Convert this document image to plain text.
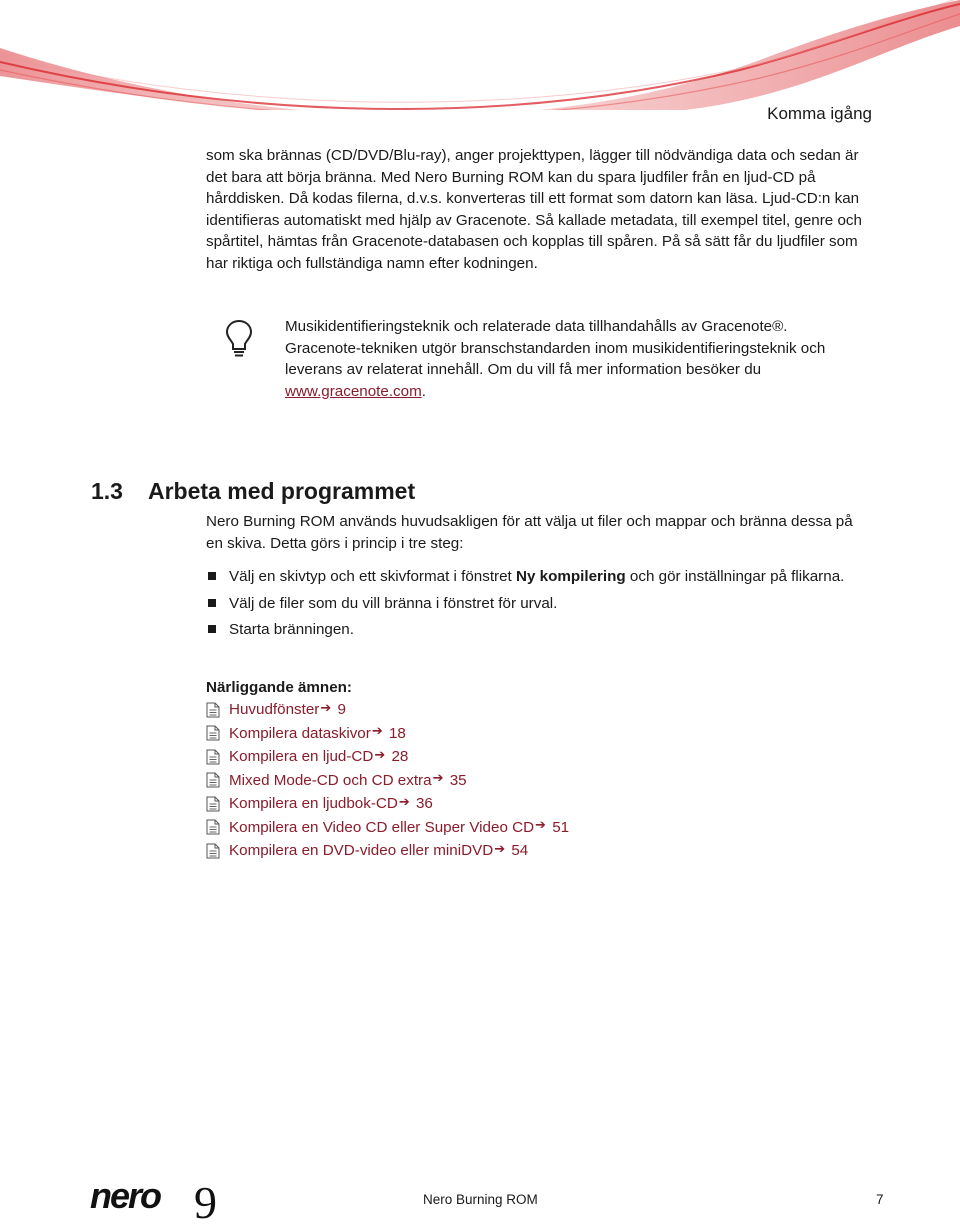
Komma igång

som ska brännas (CD/DVD/Blu-ray), anger projekttypen, lägger till nödvändiga data och sedan är det bara att börja bränna. Med Nero Burning ROM kan du spara ljudfiler från en ljud-CD på hårddisken. Då kodas filerna, d.v.s. konverteras till ett format som datorn kan läsa. Ljud-CD:n kan identifieras automatiskt med hjälp av Gracenote. Så kallade metadata, till exempel titel, genre och spårtitel, hämtas från Gracenote-databasen och kopplas till spåren. På så sätt får du ljudfiler som har riktiga och fullständiga namn efter kodningen.

Musikidentifieringsteknik och relaterade data tillhandahålls av Gracenote®. Gracenote-tekniken utgör branschstandarden inom musikidentifieringsteknik och leverans av relaterat innehåll. Om du vill få mer information besöker du www.gracenote.com.

1.3 Arbeta med programmet

Nero Burning ROM används huvudsakligen för att välja ut filer och mappar och bränna dessa på en skiva. Detta görs i princip i tre steg:

Välj en skivtyp och ett skivformat i fönstret Ny kompilering och gör inställningar på flikarna.
Välj de filer som du vill bränna i fönstret för urval.
Starta bränningen.

Närliggande ämnen:

Huvudfönster ➔
9
Kompilera dataskivor ➔
18
Kompilera en ljud-CD ➔
28
Mixed Mode-CD och CD extra ➔
35
Kompilera en ljudbok-CD ➔
36
Kompilera en Video CD eller Super Video CD ➔
51
Kompilera en DVD-video eller miniDVD ➔
54
nero 9	Nero Burning ROM	7
